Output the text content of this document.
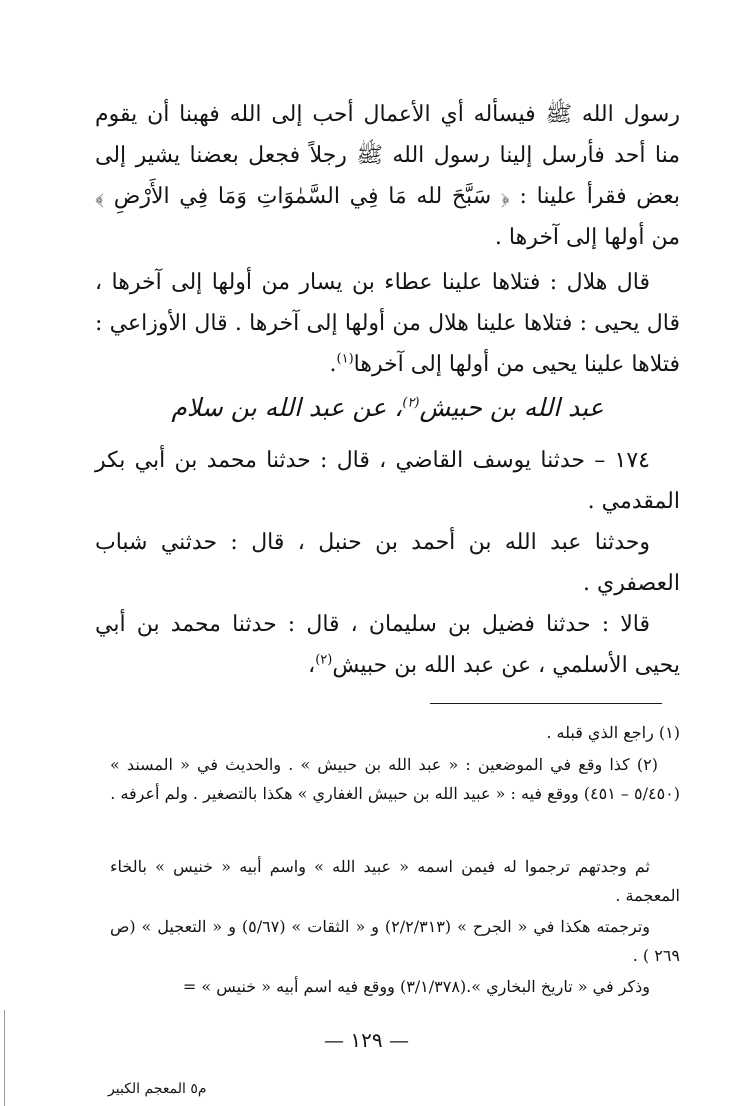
رسول الله ﷺ فيسأله أي الأعمال أحب إلى الله فهبنا أن يقوم منا أحد فأرسل إلينا رسول الله ﷺ رجلاً فجعل بعضنا يشير إلى بعض فقرأ علينا : ﴿ سَبَّحَ لله مَا فِي السَّمٰوَاتِ وَمَا فِي الأَرْضِ ﴾ من أولها إلى آخرها .

قال هلال : فتلاها علينا عطاء بن يسار من أولها إلى آخرها ، قال يحيى : فتلاها علينا هلال من أولها إلى آخرها . قال الأوزاعي : فتلاها علينا يحيى من أولها إلى آخرها$^{(١)}$.

عبد الله بن حبيش$^{(٢)}$، عن عبد الله بن سلام

١٧٤ – حدثنا يوسف القاضي ، قال : حدثنا محمد بن أبي بكر المقدمي .

وحدثنا عبد الله بن أحمد بن حنبل ، قال : حدثني شباب العصفري .

قالا : حدثنا فضيل بن سليمان ، قال : حدثنا محمد بن أبي يحيى الأسلمي ، عن عبد الله بن حبيش$^{(٢)}$،

(١) راجع الذي قبله .

(٢) كذا وقع في الموضعين : « عبد الله بن حبيش » . والحديث في « المسند » (٥/٤٥٠ – ٤٥١) ووقع فيه : « عبيد الله بن حبيش الغفاري » هكذا بالتصغير . ولم أعرفه .

ثم وجدتهم ترجموا له فيمن اسمه « عبيد الله » واسم أبيه « خنيس » بالخاء المعجمة .

وترجمته هكذا في « الجرح » (٢/٢/٣١٣) و « الثقات » (٥/٦٧) و « التعجيل » (ص ٢٦٩ ) .

وذكر في « تاريخ البخاري ».(٣/١/٣٧٨) ووقع فيه اسم أبيه « خنيس » =

— ١٢٩ —
م٥ المعجم الكبير
